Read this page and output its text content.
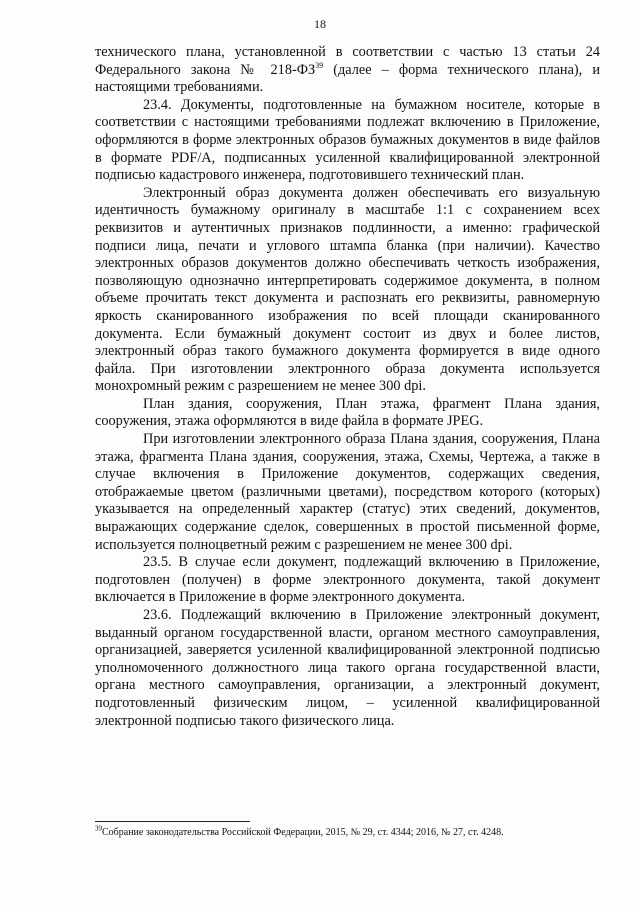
18

технического плана, установленной в соответствии с частью 13 статьи 24 Федерального закона № 218-ФЗ$^{39}$ (далее – форма технического плана), и настоящими требованиями.

23.4. Документы, подготовленные на бумажном носителе, которые в соответствии с настоящими требованиями подлежат включению в Приложение, оформляются в форме электронных образов бумажных документов в виде файлов в формате PDF/A, подписанных усиленной квалифицированной электронной подписью кадастрового инженера, подготовившего технический план.

Электронный образ документа должен обеспечивать его визуальную идентичность бумажному оригиналу в масштабе 1:1 с сохранением всех реквизитов и аутентичных признаков подлинности, а именно: графической подписи лица, печати и углового штампа бланка (при наличии). Качество электронных образов документов должно обеспечивать четкость изображения, позволяющую однозначно интерпретировать содержимое документа, в полном объеме прочитать текст документа и распознать его реквизиты, равномерную яркость сканированного изображения по всей площади сканированного документа. Если бумажный документ состоит из двух и более листов, электронный образ такого бумажного документа формируется в виде одного файла. При изготовлении электронного образа документа используется монохромный режим с разрешением не менее 300 dpi.

План здания, сооружения, План этажа, фрагмент Плана здания, сооружения, этажа оформляются в виде файла в формате JPEG.

При изготовлении электронного образа Плана здания, сооружения, Плана этажа, фрагмента Плана здания, сооружения, этажа, Схемы, Чертежа, а также в случае включения в Приложение документов, содержащих сведения, отображаемые цветом (различными цветами), посредством которого (которых) указывается на определенный характер (статус) этих сведений, документов, выражающих содержание сделок, совершенных в простой письменной форме, используется полноцветный режим с разрешением не менее 300 dpi.

23.5. В случае если документ, подлежащий включению в Приложение, подготовлен (получен) в форме электронного документа, такой документ включается в Приложение в форме электронного документа.

23.6. Подлежащий включению в Приложение электронный документ, выданный органом государственной власти, органом местного самоуправления, организацией, заверяется усиленной квалифицированной электронной подписью уполномоченного должностного лица такого органа государственной власти, органа местного самоуправления, организации, а электронный документ, подготовленный физическим лицом, – усиленной квалифицированной электронной подписью такого физического лица.

$^{39}$Собрание законодательства Российской Федерации, 2015, № 29, ст. 4344; 2016, № 27, ст. 4248.
